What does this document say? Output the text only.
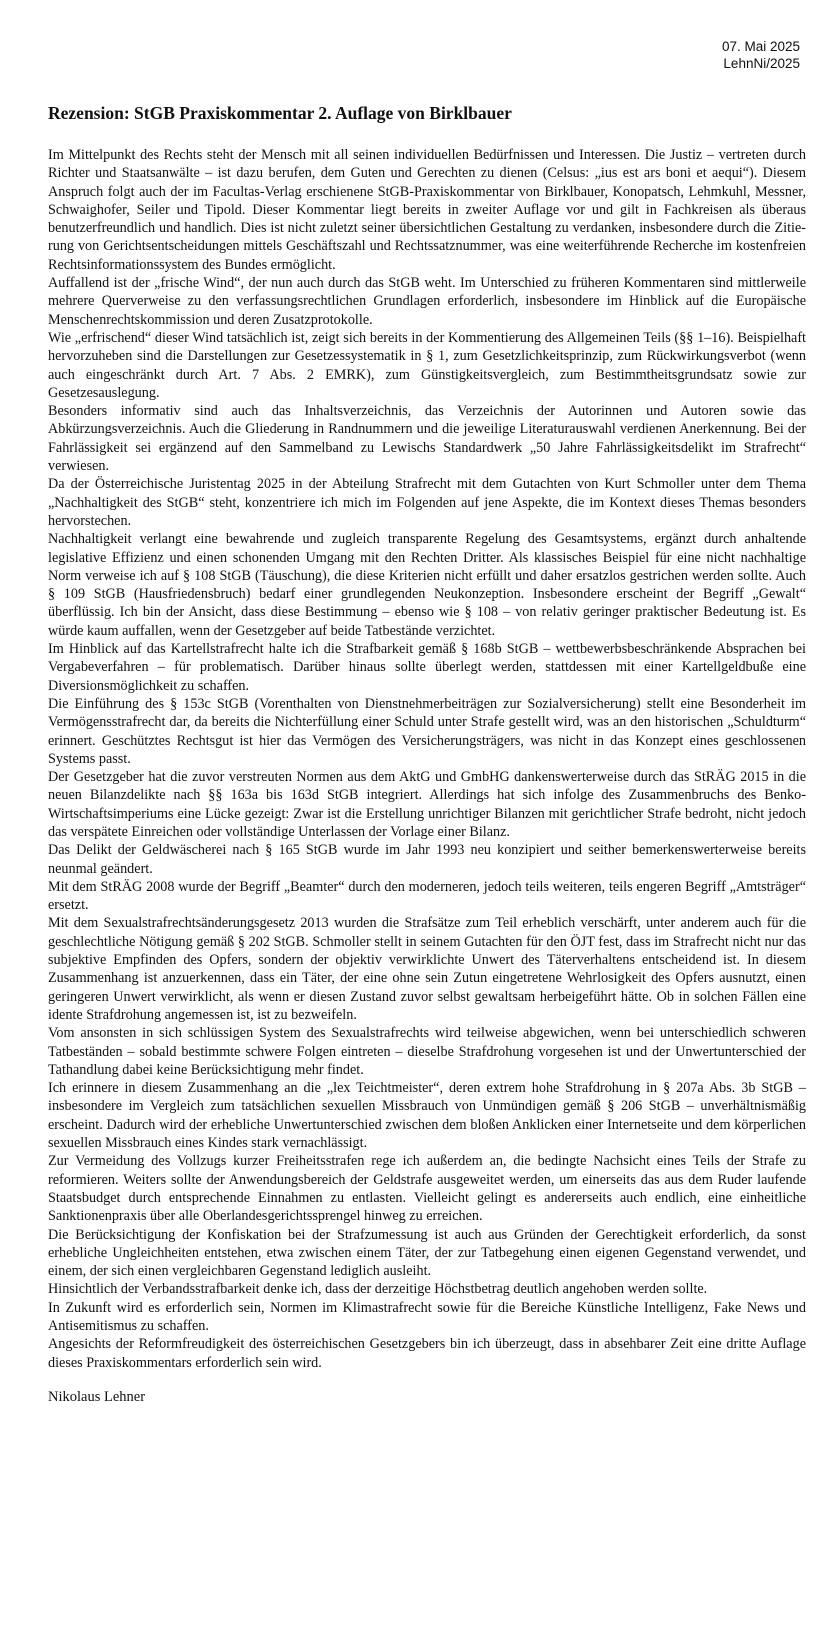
07. Mai 2025
LehnNi/2025
Rezension: StGB Praxiskommentar 2. Auflage von Birklbauer

Im Mittelpunkt des Rechts steht der Mensch mit all seinen individuellen Bedürfnissen und Interessen. Die Justiz – vertreten durch Richter und Staatsanwälte – ist dazu berufen, dem Guten und Gerechten zu dienen (Celsus: „ius est ars boni et aequi“). Diesem Anspruch folgt auch der im Facultas-Verlag erschienene StGB-Praxiskommentar von Birklbauer, Konopatsch, Lehmkuhl, Messner, Schwaighofer, Seiler und Tipold. Dieser Kommentar liegt bereits in zweiter Auflage vor und gilt in Fachkreisen als überaus benutzerfreundlich und handlich. Dies ist nicht zuletzt seiner übersichtlichen Gestaltung zu verdanken, insbesondere durch die Zitierung von Gerichtsentscheidungen mittels Geschäftszahl und Rechtssatznummer, was eine weiterführende Recherche im kostenfreien Rechtsinformationssystem des Bundes ermöglicht.

Auffallend ist der „frische Wind“, der nun auch durch das StGB weht. Im Unterschied zu früheren Kommentaren sind mittlerweile mehrere Querverweise zu den verfassungsrechtlichen Grundlagen erforderlich, insbesondere im Hinblick auf die Europäische Menschenrechtskommission und deren Zusatzprotokolle.

Wie „erfrischend“ dieser Wind tatsächlich ist, zeigt sich bereits in der Kommentierung des Allgemeinen Teils (§§ 1–16). Beispielhaft hervorzuheben sind die Darstellungen zur Gesetzessystematik in § 1, zum Gesetzlichkeitsprinzip, zum Rückwirkungsverbot (wenn auch eingeschränkt durch Art. 7 Abs. 2 EMRK), zum Günstigkeitsvergleich, zum Bestimmtheitsgrundsatz sowie zur Gesetzesauslegung.

Besonders informativ sind auch das Inhaltsverzeichnis, das Verzeichnis der Autorinnen und Autoren sowie das Abkürzungsverzeichnis. Auch die Gliederung in Randnummern und die jeweilige Literaturauswahl verdienen Anerkennung. Bei der Fahrlässigkeit sei ergänzend auf den Sammelband zu Lewischs Standardwerk „50 Jahre Fahrlässigkeitsdelikt im Strafrecht“ verwiesen.

Da der Österreichische Juristentag 2025 in der Abteilung Strafrecht mit dem Gutachten von Kurt Schmoller unter dem Thema „Nachhaltigkeit des StGB“ steht, konzentriere ich mich im Folgenden auf jene Aspekte, die im Kontext dieses Themas besonders hervorstechen.

Nachhaltigkeit verlangt eine bewahrende und zugleich transparente Regelung des Gesamtsystems, ergänzt durch anhaltende legislative Effizienz und einen schonenden Umgang mit den Rechten Dritter. Als klassisches Beispiel für eine nicht nachhaltige Norm verweise ich auf § 108 StGB (Täuschung), die diese Kriterien nicht erfüllt und daher ersatzlos gestrichen werden sollte. Auch § 109 StGB (Hausfriedensbruch) bedarf einer grundlegenden Neukonzeption. Insbesondere erscheint der Begriff „Gewalt“ überflüssig. Ich bin der Ansicht, dass diese Bestimmung – ebenso wie § 108 – von relativ geringer praktischer Bedeutung ist. Es würde kaum auffallen, wenn der Gesetzgeber auf beide Tatbestände verzichtet.

Im Hinblick auf das Kartellstrafrecht halte ich die Strafbarkeit gemäß § 168b StGB – wettbewerbsbeschränkende Absprachen bei Vergabeverfahren – für problematisch. Darüber hinaus sollte überlegt werden, stattdessen mit einer Kartellgeldbuße eine Diversionsmöglichkeit zu schaffen.

Die Einführung des § 153c StGB (Vorenthalten von Dienstnehmerbeiträgen zur Sozialversicherung) stellt eine Besonderheit im Vermögensstrafrecht dar, da bereits die Nichterfüllung einer Schuld unter Strafe gestellt wird, was an den historischen „Schuldturm“ erinnert. Geschütztes Rechtsgut ist hier das Vermögen des Versicherungsträgers, was nicht in das Konzept eines geschlossenen Systems passt.

Der Gesetzgeber hat die zuvor verstreuten Normen aus dem AktG und GmbHG dankenswerterweise durch das StRÄG 2015 in die neuen Bilanzdelikte nach §§ 163a bis 163d StGB integriert. Allerdings hat sich infolge des Zusammenbruchs des Benko-Wirtschaftsimperiums eine Lücke gezeigt: Zwar ist die Erstellung unrichtiger Bilanzen mit gerichtlicher Strafe bedroht, nicht jedoch das verspätete Einreichen oder vollständige Unterlassen der Vorlage einer Bilanz.

Das Delikt der Geldwäscherei nach § 165 StGB wurde im Jahr 1993 neu konzipiert und seither bemerkenswerterweise bereits neunmal geändert.

Mit dem StRÄG 2008 wurde der Begriff „Beamter“ durch den moderneren, jedoch teils weiteren, teils engeren Begriff „Amtsträger“ ersetzt.

Mit dem Sexualstrafrechtsänderungsgesetz 2013 wurden die Strafsätze zum Teil erheblich verschärft, unter anderem auch für die geschlechtliche Nötigung gemäß § 202 StGB. Schmoller stellt in seinem Gutachten für den ÖJT fest, dass im Strafrecht nicht nur das subjektive Empfinden des Opfers, sondern der objektiv verwirklichte Unwert des Täterverhaltens entscheidend ist. In diesem Zusammenhang ist anzuerkennen, dass ein Täter, der eine ohne sein Zutun eingetretene Wehrlosigkeit des Opfers ausnutzt, einen geringeren Unwert verwirklicht, als wenn er diesen Zustand zuvor selbst gewaltsam herbeigeführt hätte. Ob in solchen Fällen eine idente Strafdrohung angemessen ist, ist zu bezweifeln.

Vom ansonsten in sich schlüssigen System des Sexualstrafrechts wird teilweise abgewichen, wenn bei unterschiedlich schweren Tatbeständen – sobald bestimmte schwere Folgen eintreten – dieselbe Strafdrohung vorgesehen ist und der Unwertunterschied der Tathandlung dabei keine Berücksichtigung mehr findet.

Ich erinnere in diesem Zusammenhang an die „lex Teichtmeister“, deren extrem hohe Strafdrohung in § 207a Abs. 3b StGB – insbesondere im Vergleich zum tatsächlichen sexuellen Missbrauch von Unmündigen gemäß § 206 StGB – unverhältnismäßig erscheint. Dadurch wird der erhebliche Unwertunterschied zwischen dem bloßen Anklicken einer Internetseite und dem körperlichen sexuellen Missbrauch eines Kindes stark vernachlässigt.

Zur Vermeidung des Vollzugs kurzer Freiheitsstrafen rege ich außerdem an, die bedingte Nachsicht eines Teils der Strafe zu reformieren. Weiters sollte der Anwendungsbereich der Geldstrafe ausgeweitet werden, um einerseits das aus dem Ruder laufende Staatsbudget durch entsprechende Einnahmen zu entlasten. Vielleicht gelingt es andererseits auch endlich, eine einheitliche Sanktionenpraxis über alle Oberlandesgerichtssprengel hinweg zu erreichen.

Die Berücksichtigung der Konfiskation bei der Strafzumessung ist auch aus Gründen der Gerechtigkeit erforderlich, da sonst erhebliche Ungleichheiten entstehen, etwa zwischen einem Täter, der zur Tatbegehung einen eigenen Gegenstand verwendet, und einem, der sich einen vergleichbaren Gegenstand lediglich ausleiht.

Hinsichtlich der Verbandsstrafbarkeit denke ich, dass der derzeitige Höchstbetrag deutlich angehoben werden sollte.

In Zukunft wird es erforderlich sein, Normen im Klimastrafrecht sowie für die Bereiche Künstliche Intelligenz, Fake News und Antisemitismus zu schaffen.

Angesichts der Reformfreudigkeit des österreichischen Gesetzgebers bin ich überzeugt, dass in absehbarer Zeit eine dritte Auflage dieses Praxiskommentars erforderlich sein wird.

Nikolaus Lehner
